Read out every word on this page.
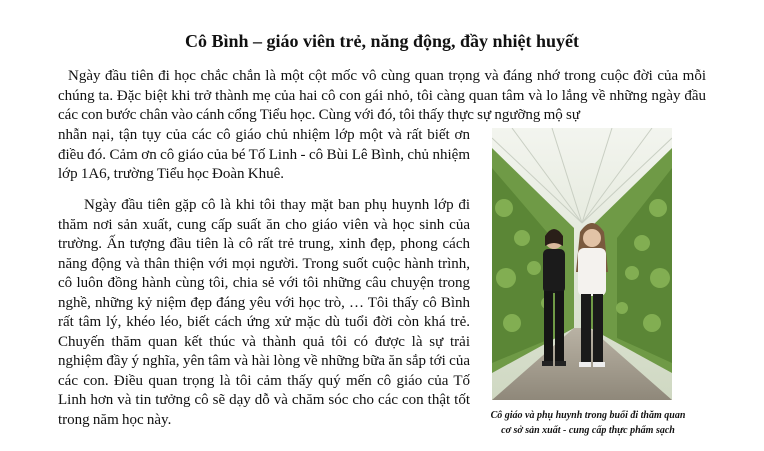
Cô Bình – giáo viên trẻ, năng động, đầy nhiệt huyết

Ngày đầu tiên đi học chắc chắn là một cột mốc vô cùng quan trọng và đáng nhớ trong cuộc đời của mỗi chúng ta. Đặc biệt khi trở thành mẹ của hai cô con gái nhỏ, tôi càng quan tâm và lo lắng về những ngày đầu các con bước chân vào cánh cổng Tiểu học. Cùng với đó, tôi thấy thực sự ngưỡng mộ sự

nhẫn nại, tận tụy của các cô giáo chủ nhiệm lớp một và rất biết ơn điều đó. Cảm ơn cô giáo của bé Tố Linh - cô Bùi Lê Bình, chủ nhiệm lớp 1A6, trường Tiểu học Đoàn Khuê.

Ngày đầu tiên gặp cô là khi tôi thay mặt ban phụ huynh lớp đi thăm nơi sản xuất, cung cấp suất ăn cho giáo viên và học sinh của trường. Ấn tượng đầu tiên là cô rất trẻ trung, xinh đẹp, phong cách năng động và thân thiện với mọi người. Trong suốt cuộc hành trình, cô luôn đồng hành cùng tôi, chia sẻ với tôi những câu chuyện trong nghề, những kỷ niệm đẹp đáng yêu với học trò, … Tôi thấy cô Bình rất tâm lý, khéo léo, biết cách ứng xử mặc dù tuổi đời còn khá trẻ. Chuyến thăm quan kết thúc và thành quả tôi có được là sự trải nghiệm đầy ý nghĩa, yên tâm và hài lòng về những bữa ăn sắp tới của các con. Điều quan trọng là tôi cảm thấy quý mến cô giáo của Tố Linh hơn và tin tưởng cô sẽ dạy dỗ và chăm sóc cho các con thật tốt trong năm học này.	Cô giáo và phụ huynh trong buổi đi thăm quan
cơ sở sản xuất - cung cấp thực phẩm sạch
